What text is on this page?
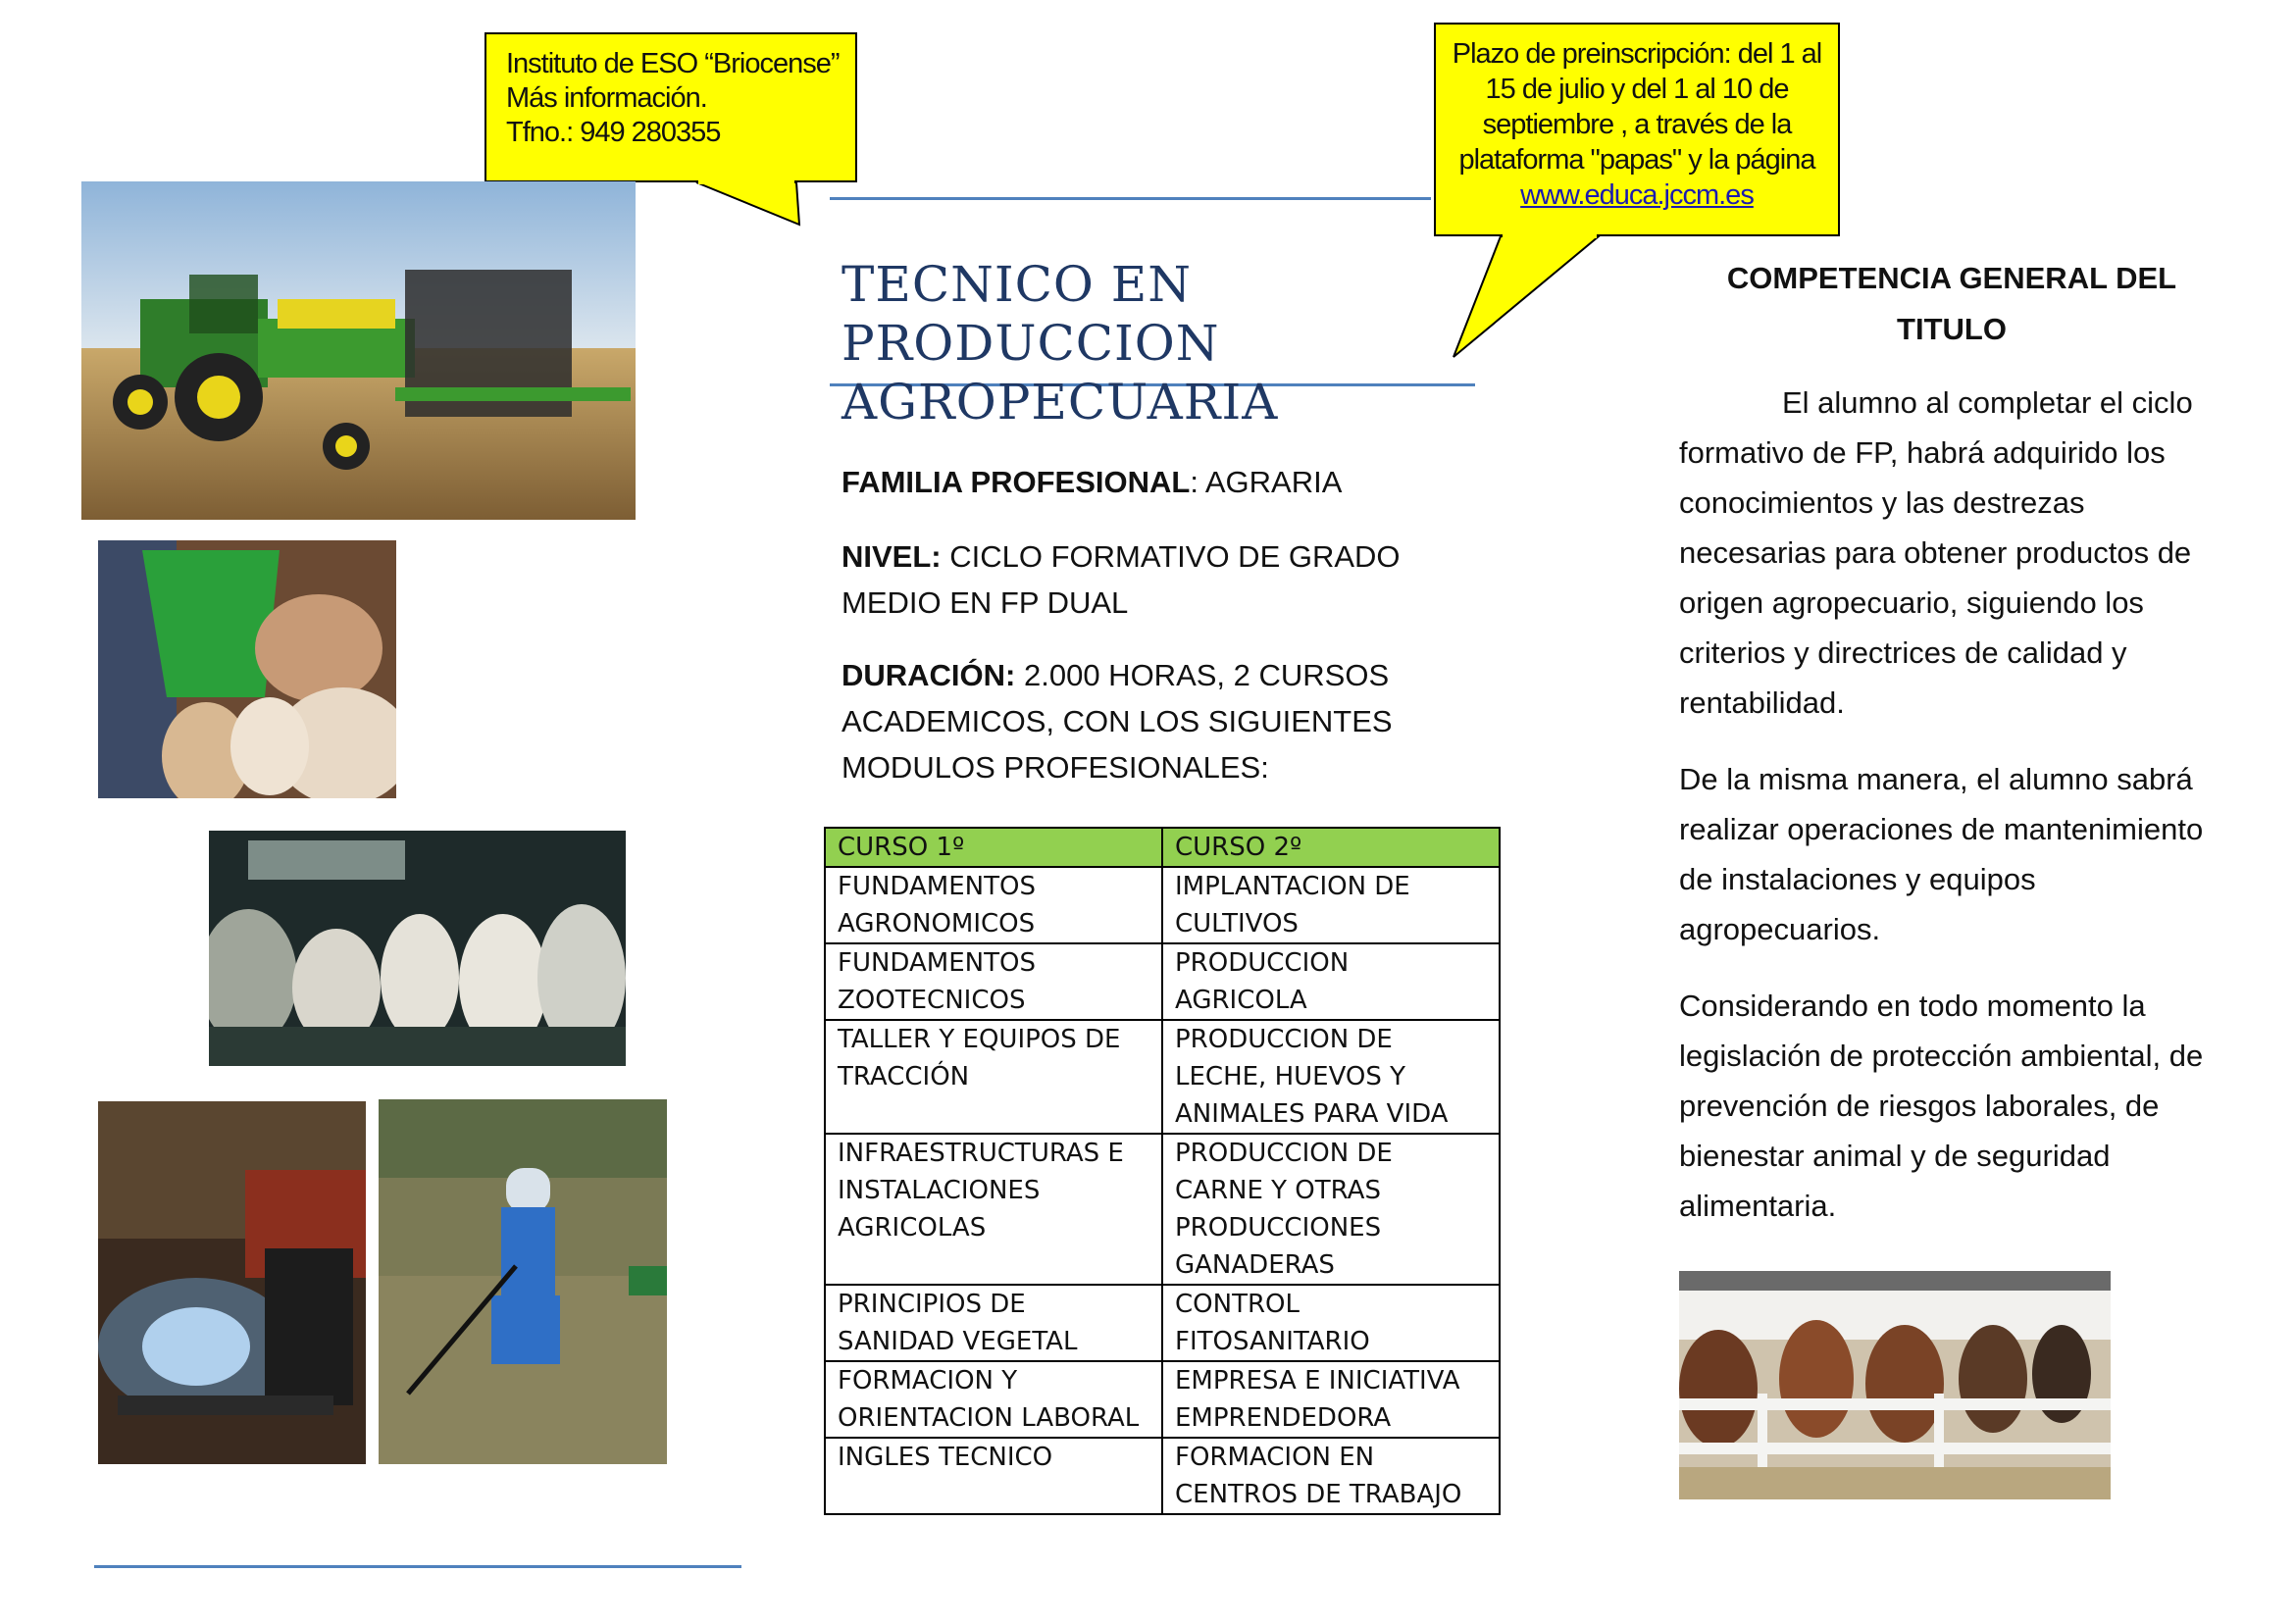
Instituto de ESO “Briocense”
Más información.
Tfno.: 949 280355
Plazo de preinscripción: del 1 al
15 de julio y del 1 al 10 de
septiembre , a través de la
plataforma "papas" y la página
www.educa.jccm.es
TECNICO EN PRODUCCION
AGROPECUARIA
FAMILIA PROFESIONAL: AGRARIA
NIVEL: CICLO FORMATIVO DE GRADO MEDIO EN FP DUAL
DURACIÓN: 2.000 HORAS, 2 CURSOS ACADEMICOS, CON LOS SIGUIENTES MODULOS PROFESIONALES:
CURSO 1º	CURSO 2º
FUNDAMENTOS AGRONOMICOS	IMPLANTACION DE CULTIVOS
FUNDAMENTOS ZOOTECNICOS	PRODUCCION AGRICOLA
TALLER Y EQUIPOS DE TRACCIÓN	PRODUCCION DE LECHE, HUEVOS Y ANIMALES PARA VIDA
INFRAESTRUCTURAS E INSTALACIONES AGRICOLAS	PRODUCCION DE CARNE Y OTRAS PRODUCCIONES GANADERAS
PRINCIPIOS DE SANIDAD VEGETAL	CONTROL FITOSANITARIO
FORMACION Y ORIENTACION LABORAL	EMPRESA E INICIATIVA EMPRENDEDORA
INGLES TECNICO	FORMACION EN CENTROS DE TRABAJO
COMPETENCIA GENERAL DEL TITULO
El alumno al completar el ciclo formativo de FP, habrá adquirido los conocimientos y las destrezas necesarias para obtener productos de origen agropecuario, siguiendo los criterios y directrices de calidad y rentabilidad.
De la misma manera, el alumno sabrá realizar operaciones de mantenimiento de instalaciones y equipos agropecuarios.
Considerando en todo momento la legislación de protección ambiental, de prevención de riesgos laborales, de bienestar animal y de seguridad alimentaria.
